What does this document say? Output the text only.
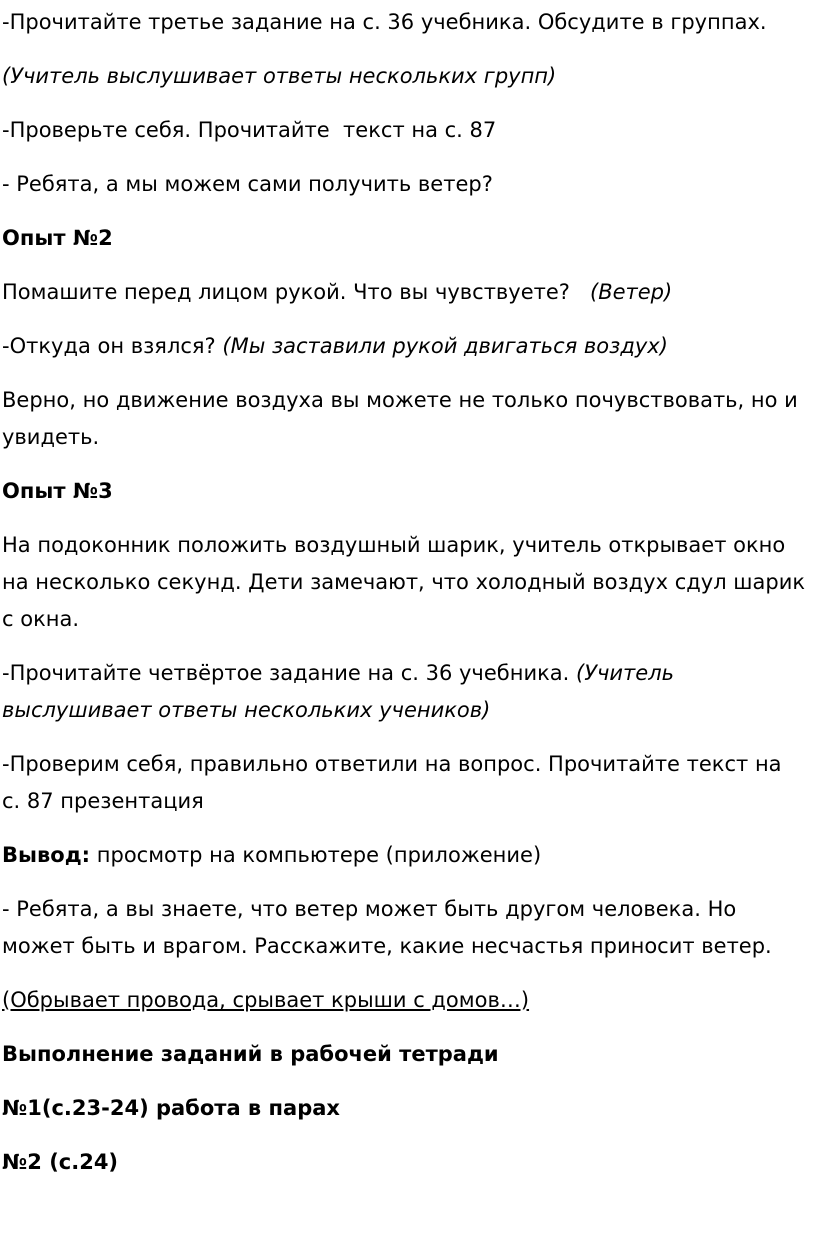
-Прочитайте третье задание на с. 36 учебника. Обсудите в группах.

(Учитель выслушивает ответы нескольких групп)

-Проверьте себя. Прочитайте  текст на с. 87

- Ребята, а мы можем сами получить ветер?

Опыт №2

Помашите перед лицом рукой. Что вы чувствуете? (Ветер)

-Откуда он взялся? (Мы заставили рукой двигаться воздух)

Верно, но движение воздуха вы можете не только почувствовать, но и увидеть.

Опыт №3

На подоконник положить воздушный шарик, учитель открывает окно на несколько секунд. Дети замечают, что холодный воздух сдул шарик с окна.

-Прочитайте четвёртое задание на с. 36 учебника. (Учитель выслушивает ответы нескольких учеников)

-Проверим себя, правильно ответили на вопрос. Прочитайте текст на с. 87 презентация

Вывод: просмотр на компьютере (приложение)

- Ребята, а вы знаете, что ветер может быть другом человека. Но может быть и врагом. Расскажите, какие несчастья приносит ветер.

(Обрывает провода, срывает крыши с домов…)

Выполнение заданий в рабочей тетради

№1(с.23-24) работа в парах

№2 (с.24)
